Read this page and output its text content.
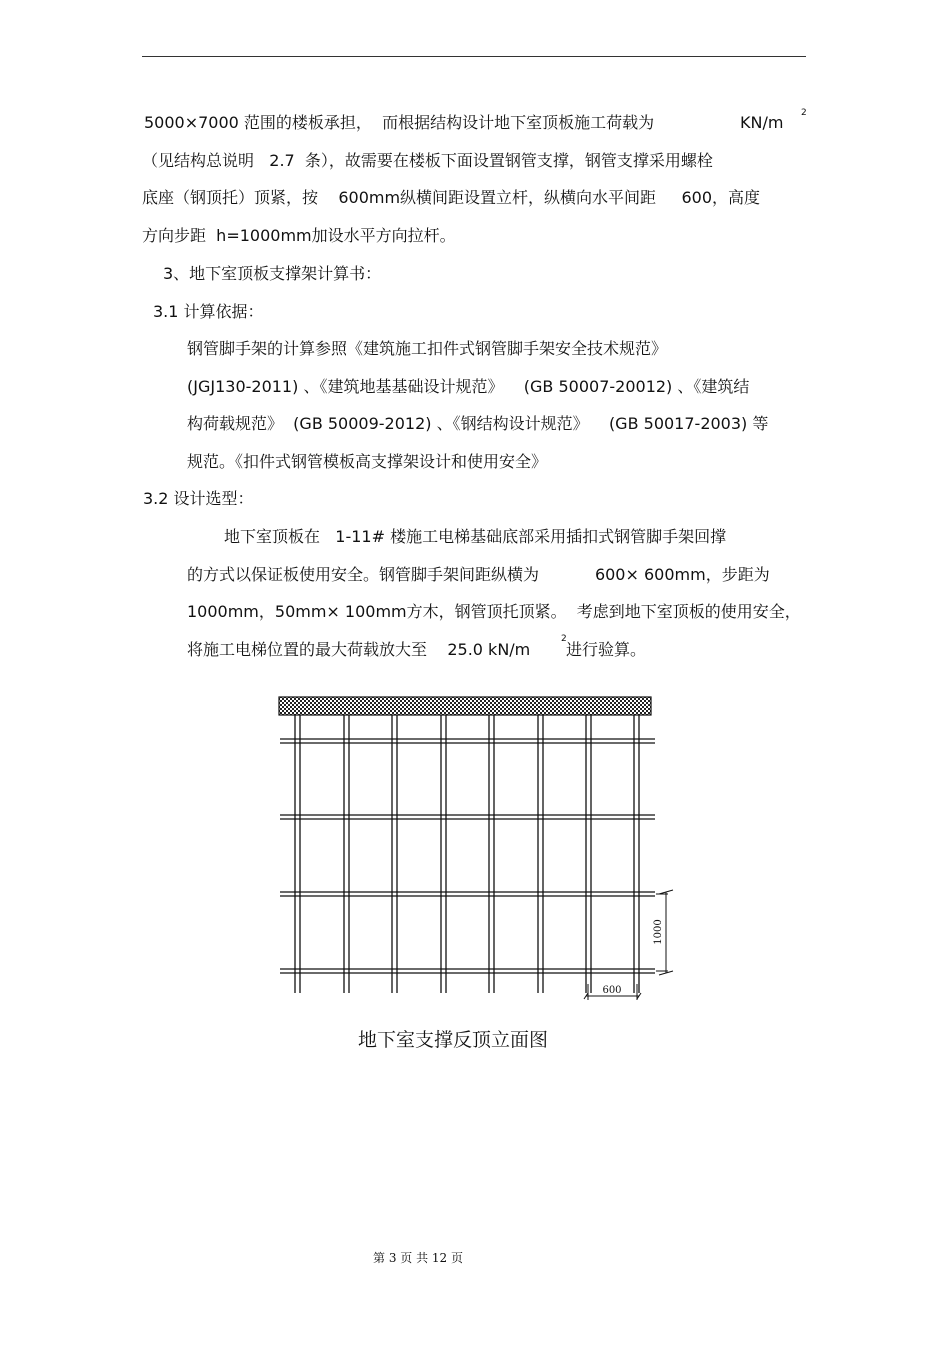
5000×7000 范围的楼板承担，  而根据结构设计地下室顶板施工荷载为	KN/m 2
（见结构总说明   2.7  条），故需要在楼板下面设置钢管支撑，钢管支撑采用螺栓
底座（钢顶托）顶紧，按    600mm纵横间距设置立杆，纵横向水平间距     600，高度
方向步距  h=1000mm加设水平方向拉杆。
3、地下室顶板支撑架计算书：
3.1 计算依据：
钢管脚手架的计算参照《建筑施工扣件式钢管脚手架安全技术规范》
(JGJ130-2011) 、《建筑地基基础设计规范》    (GB 50007-20012) 、《建筑结
构荷载规范》  (GB 50009-2012) 、《钢结构设计规范》    (GB 50017-2003) 等
规范。《扣件式钢管模板高支撑架设计和使用安全》
3.2 设计选型：
地下室顶板在   1-11# 楼施工电梯基础底部采用插扣式钢管脚手架回撑
的方式以保证板使用安全。钢管脚手架间距纵横为           600× 600mm，步距为
1000mm，50mm× 100mm方木，钢管顶托顶紧。  考虑到地下室顶板的使用安全，
将施工电梯位置的最大荷载放大至    25.0 kN/m
2
进行验算。
1000
600
地下室支撑反顶立面图
第 3 页 共 12 页
